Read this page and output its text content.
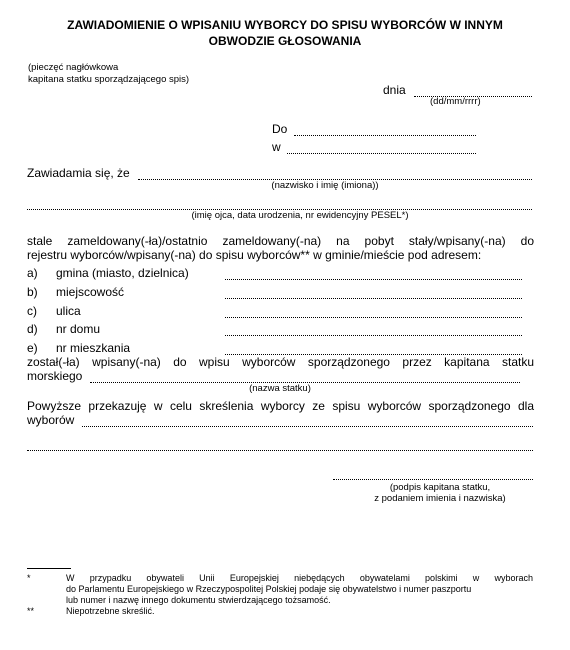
ZAWIADOMIENIE O WPISANIU WYBORCY DO SPISU WYBORCÓW W INNYM
OBWODZIE GŁOSOWANIA
(pieczęć nagłówkowa
kapitana statku sporządzającego spis)
dnia
(dd/mm/rrrr)
Do
w
Zawiadamia się, że
(nazwisko i imię (imiona))
(imię ojca, data urodzenia, nr ewidencyjny PESEL*)
stale zameldowany(-ła)/ostatnio zameldowany(-na) na pobyt stały/wpisany(-na) do
rejestru wyborców/wpisany(-na) do spisu wyborców** w gminie/mieście pod adresem:
a) gmina (miasto, dzielnica)
b) miejscowość
c) ulica
d) nr domu
e) nr mieszkania
został(-ła) wpisany(-na) do wpisu wyborców sporządzonego przez kapitana statku
morskiego
(nazwa statku)
Powyższe przekazuję w celu skreślenia wyborcy ze spisu wyborców sporządzonego dla
wyborów
(podpis kapitana statku,
z podaniem imienia i nazwiska)
*	W przypadku obywateli Unii Europejskiej niebędących obywatelami polskimi w wyborach
do Parlamentu Europejskiego w Rzeczypospolitej Polskiej podaje się obywatelstwo i numer paszportu
lub numer i nazwę innego dokumentu stwierdzającego tożsamość.
**	Niepotrzebne skreślić.
